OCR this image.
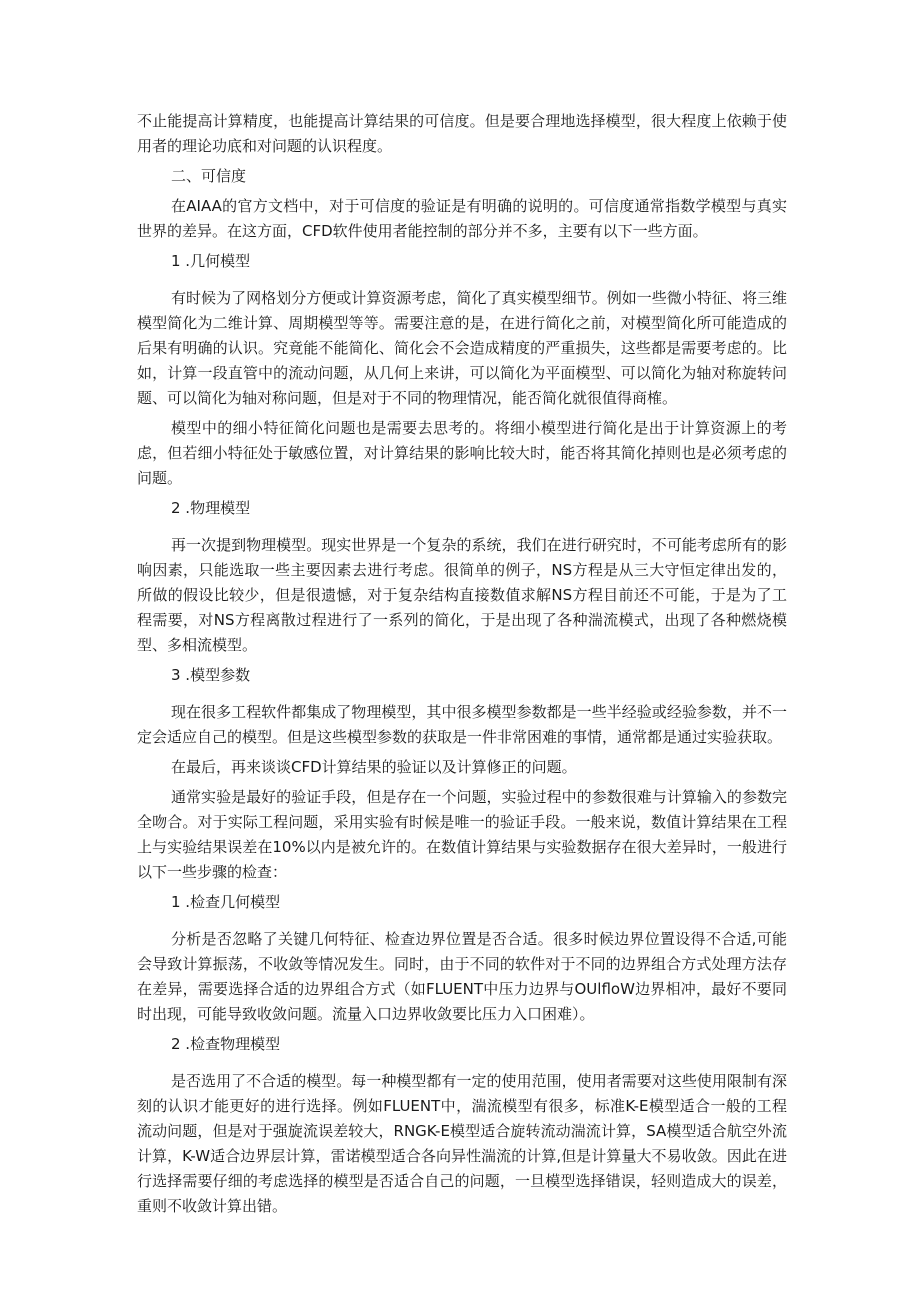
不止能提高计算精度，也能提高计算结果的可信度。但是要合理地选择模型，很大程度上依赖于使用者的理论功底和对问题的认识程度。

二、可信度

在AIAA的官方文档中，对于可信度的验证是有明确的说明的。可信度通常指数学模型与真实世界的差异。在这方面，CFD软件使用者能控制的部分并不多，主要有以下一些方面。

1 .几何模型

有时候为了网格划分方便或计算资源考虑，简化了真实模型细节。例如一些微小特征、将三维模型简化为二维计算、周期模型等等。需要注意的是，在进行简化之前，对模型简化所可能造成的后果有明确的认识。究竟能不能简化、简化会不会造成精度的严重损失，这些都是需要考虑的。比如，计算一段直管中的流动问题，从几何上来讲，可以简化为平面模型、可以简化为轴对称旋转问题、可以简化为轴对称问题，但是对于不同的物理情况，能否简化就很值得商榷。

模型中的细小特征简化问题也是需要去思考的。将细小模型进行简化是出于计算资源上的考虑，但若细小特征处于敏感位置，对计算结果的影响比较大时，能否将其简化掉则也是必须考虑的问题。

2 .物理模型

再一次提到物理模型。现实世界是一个复杂的系统，我们在进行研究时，不可能考虑所有的影响因素，只能选取一些主要因素去进行考虑。很简单的例子，NS方程是从三大守恒定律出发的，所做的假设比较少，但是很遗憾，对于复杂结构直接数值求解NS方程目前还不可能，于是为了工程需要，对NS方程离散过程进行了一系列的简化，于是出现了各种湍流模式，出现了各种燃烧模型、多相流模型。

3 .模型参数

现在很多工程软件都集成了物理模型，其中很多模型参数都是一些半经验或经验参数，并不一定会适应自己的模型。但是这些模型参数的获取是一件非常困难的事情，通常都是通过实验获取。

在最后，再来谈谈CFD计算结果的验证以及计算修正的问题。

通常实验是最好的验证手段，但是存在一个问题，实验过程中的参数很难与计算输入的参数完全吻合。对于实际工程问题，采用实验有时候是唯一的验证手段。一般来说，数值计算结果在工程上与实验结果误差在10%以内是被允许的。在数值计算结果与实验数据存在很大差异时，一般进行以下一些步骤的检查：

1 .检查几何模型

分析是否忽略了关键几何特征、检查边界位置是否合适。很多时候边界位置设得不合适,可能会导致计算振荡，不收敛等情况发生。同时，由于不同的软件对于不同的边界组合方式处理方法存在差异，需要选择合适的边界组合方式（如FLUENT中压力边界与OUlfloW边界相冲，最好不要同时出现，可能导致收敛问题。流量入口边界收敛要比压力入口困难）。

2 .检查物理模型

是否选用了不合适的模型。每一种模型都有一定的使用范围，使用者需要对这些使用限制有深刻的认识才能更好的进行选择。例如FLUENT中，湍流模型有很多，标准K-E模型适合一般的工程流动问题，但是对于强旋流误差较大，RNGK-E模型适合旋转流动湍流计算，SA模型适合航空外流计算，K-W适合边界层计算，雷诺模型适合各向异性湍流的计算,但是计算量大不易收敛。因此在进行选择需要仔细的考虑选择的模型是否适合自己的问题，一旦模型选择错误，轻则造成大的误差，重则不收敛计算出错。
